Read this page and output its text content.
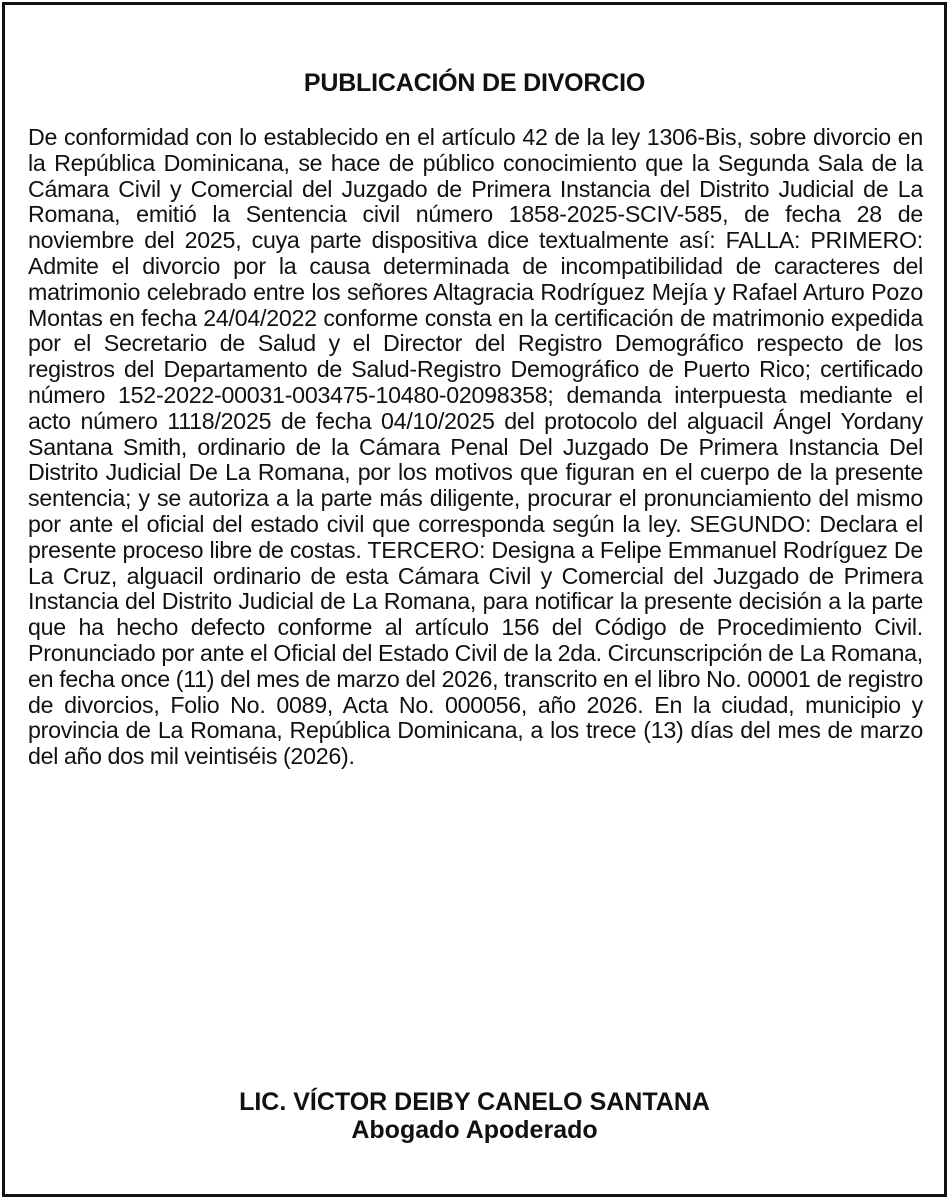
PUBLICACIÓN DE DIVORCIO
De conformidad con lo establecido en el artículo 42 de la ley 1306-Bis, sobre divorcio en la República Dominicana, se hace de público conocimiento que la Segunda Sala de la Cámara Civil y Comercial del Juzgado de Primera Instancia del Distrito Judicial de La Romana, emitió la Sentencia civil número 1858-2025-SCIV-585, de fecha 28 de noviembre del 2025, cuya parte dispositiva dice textualmente así: FALLA: PRIMERO: Admite el divorcio por la causa determinada de incompatibilidad de caracteres del matrimonio celebrado entre los señores Altagracia Rodríguez Mejía y Rafael Arturo Pozo Montas en fecha 24/04/2022 conforme consta en la certificación de matrimonio expedida por el Secretario de Salud y el Director del Registro Demográfico respecto de los registros del Departamento de Salud-Registro Demográfico de Puerto Rico; certificado número 152-2022-00031-003475-10480-02098358; demanda interpuesta mediante el acto número 1118/2025 de fecha 04/10/2025 del protocolo del alguacil Ángel Yordany Santana Smith, ordinario de la Cámara Penal Del Juzgado De Primera Instancia Del Distrito Judicial De La Romana, por los motivos que figuran en el cuerpo de la presente sentencia; y se autoriza a la parte más diligente, procurar el pronunciamiento del mismo por ante el oficial del estado civil que corresponda según la ley. SEGUNDO: Declara el presente proceso libre de costas. TERCERO: Designa a Felipe Emmanuel Rodríguez De La Cruz, alguacil ordinario de esta Cámara Civil y Comercial del Juzgado de Primera Instancia del Distrito Judicial de La Romana, para notificar la presente decisión a la parte que ha hecho defecto conforme al artículo 156 del Código de Procedimiento Civil. Pronunciado por ante el Oficial del Estado Civil de la 2da. Circunscripción de La Romana, en fecha once (11) del mes de marzo del 2026, transcrito en el libro No. 00001 de registro de divorcios, Folio No. 0089, Acta No. 000056, año 2026. En la ciudad, municipio y provincia de La Romana, República Dominicana, a los trece (13) días del mes de marzo del año dos mil veintiséis (2026).
LIC. VÍCTOR DEIBY CANELO SANTANA
Abogado Apoderado
